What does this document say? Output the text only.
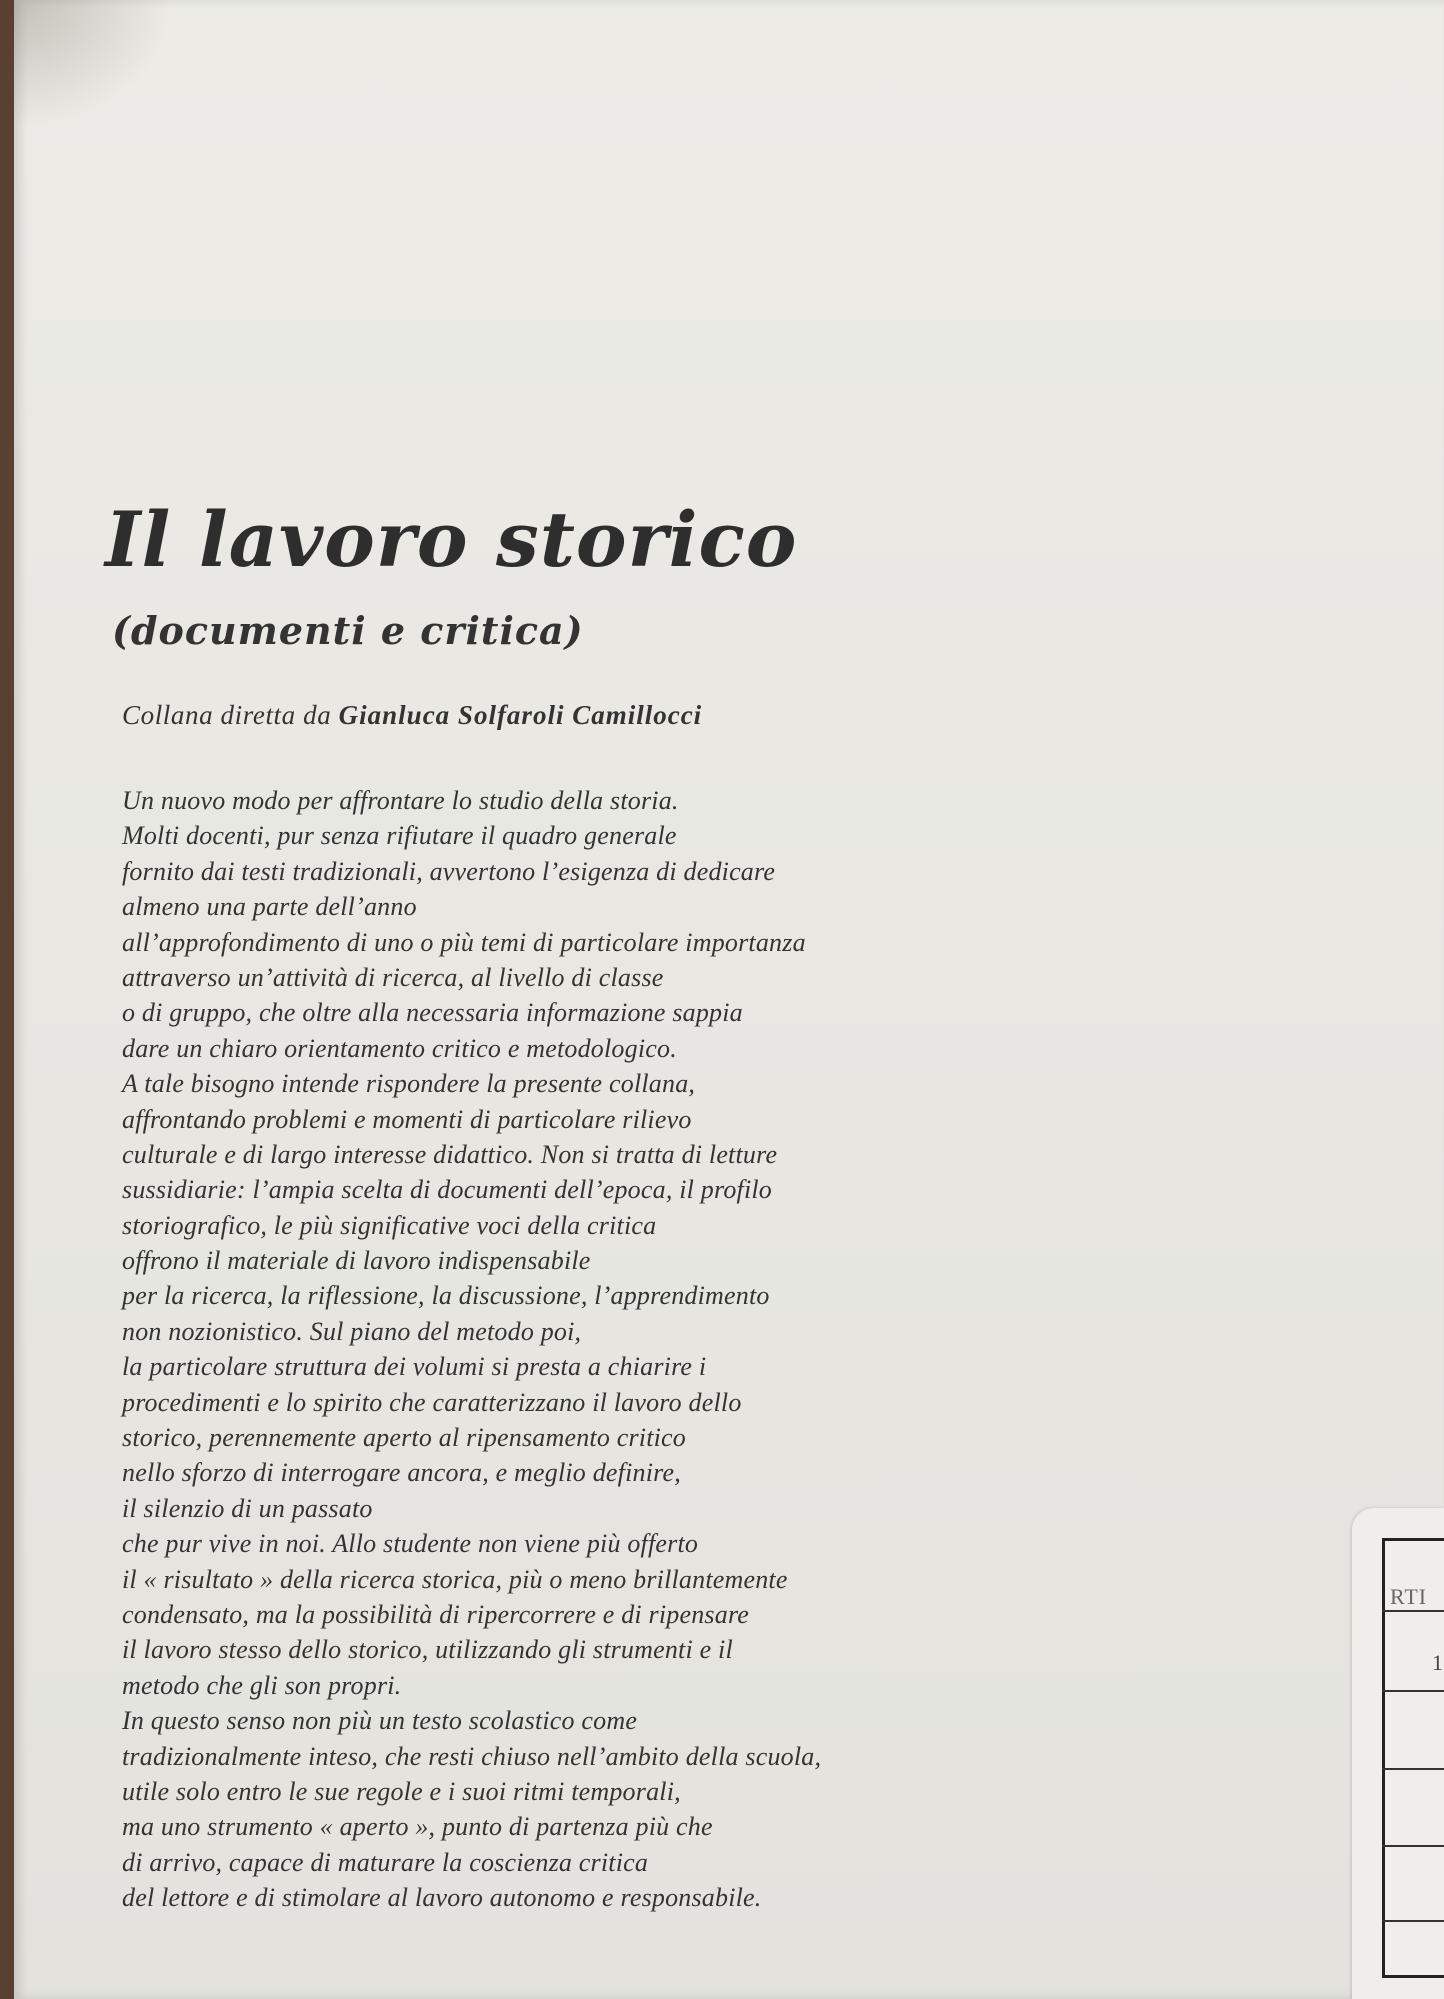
Il lavoro storico
(documenti e critica)

Collana diretta da Gianluca Solfaroli Camillocci

Un nuovo modo per affrontare lo studio della storia.
Molti docenti, pur senza rifiutare il quadro generale
fornito dai testi tradizionali, avvertono l’esigenza di dedicare
almeno una parte dell’anno
all’approfondimento di uno o più temi di particolare importanza
attraverso un’attività di ricerca, al livello di classe
o di gruppo, che oltre alla necessaria informazione sappia
dare un chiaro orientamento critico e metodologico.
A tale bisogno intende rispondere la presente collana,
affrontando problemi e momenti di particolare rilievo
culturale e di largo interesse didattico. Non si tratta di letture
sussidiarie: l’ampia scelta di documenti dell’epoca, il profilo
storiografico, le più significative voci della critica
offrono il materiale di lavoro indispensabile
per la ricerca, la riflessione, la discussione, l’apprendimento
non nozionistico. Sul piano del metodo poi,
la particolare struttura dei volumi si presta a chiarire i
procedimenti e lo spirito che caratterizzano il lavoro dello
storico, perennemente aperto al ripensamento critico
nello sforzo di interrogare ancora, e meglio definire,
il silenzio di un passato
che pur vive in noi. Allo studente non viene più offerto
il « risultato » della ricerca storica, più o meno brillantemente
condensato, ma la possibilità di ripercorrere e di ripensare
il lavoro stesso dello storico, utilizzando gli strumenti e il
metodo che gli son propri.
In questo senso non più un testo scolastico come
tradizionalmente inteso, che resti chiuso nell’ambito della scuola,
utile solo entro le sue regole e i suoi ritmi temporali,
ma uno strumento « aperto », punto di partenza più che
di arrivo, capace di maturare la coscienza critica
del lettore e di stimolare al lavoro autonomo e responsabile.
RTI
1
